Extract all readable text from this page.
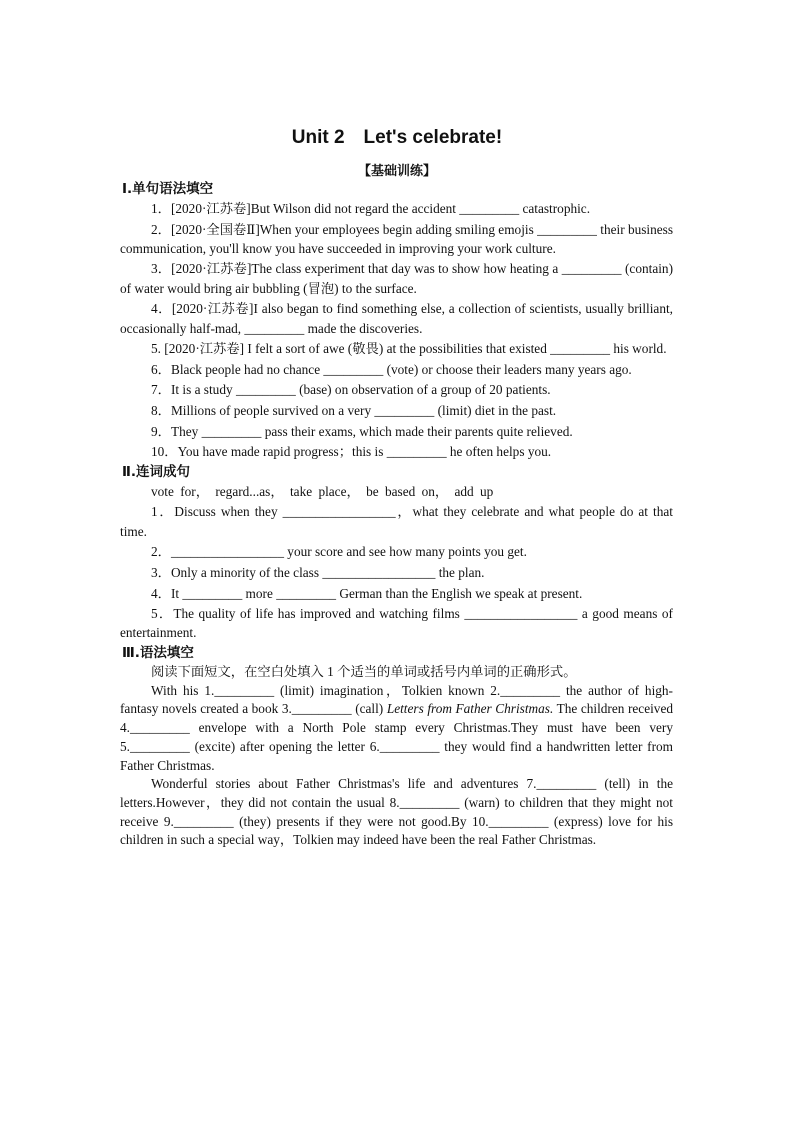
Unit 2　Let's celebrate!
【基础训练】
Ⅰ.单句语法填空

1．[2020·江苏卷]But Wilson did not regard the accident _________ catastrophic.

2．[2020·全国卷Ⅱ]When your employees begin adding smiling emojis _________ their business communication, you'll know you have succeeded in improving your work culture.

3．[2020·江苏卷]The class experiment that day was to show how heating a _________ (contain) of water would bring air bubbling (冒泡) to the surface.

4．[2020·江苏卷]I also began to find something else, a collection of scientists, usually brilliant, occasionally half-mad, _________ made the discoveries.

5. [2020·江苏卷] I felt a sort of awe (敬畏) at the possibilities that existed _________ his world.

6．Black people had no chance _________ (vote) or choose their leaders many years ago.

7．It is a study _________ (base) on observation of a group of 20 patients.

8．Millions of people survived on a very _________ (limit) diet in the past.

9．They _________ pass their exams, which made their parents quite relieved.

10．You have made rapid progress；this is _________ he often helps you.

Ⅱ.连词成句

vote for， regard...as， take place， be based on， add up

1．Discuss when they _________________，what they celebrate and what people do at that time.

2．_________________ your score and see how many points you get.

3．Only a minority of the class _________________ the plan.

4．It _________ more _________ German than the English we speak at present.

5．The quality of life has improved and watching films _________________ a good means of entertainment.

Ⅲ.语法填空

阅读下面短文，在空白处填入 1 个适当的单词或括号内单词的正确形式。

With his 1._________ (limit) imagination，Tolkien known 2._________ the author of high-fantasy novels created a book 3._________ (call) Letters from Father Christmas. The children received 4._________ envelope with a North Pole stamp every Christmas.They must have been very 5._________ (excite) after opening the letter 6._________ they would find a handwritten letter from Father Christmas.

Wonderful stories about Father Christmas's life and adventures 7._________ (tell) in the letters.However，they did not contain the usual 8._________ (warn) to children that they might not receive 9._________ (they) presents if they were not good.By 10._________ (express) love for his children in such a special way，Tolkien may indeed have been the real Father Christmas.
